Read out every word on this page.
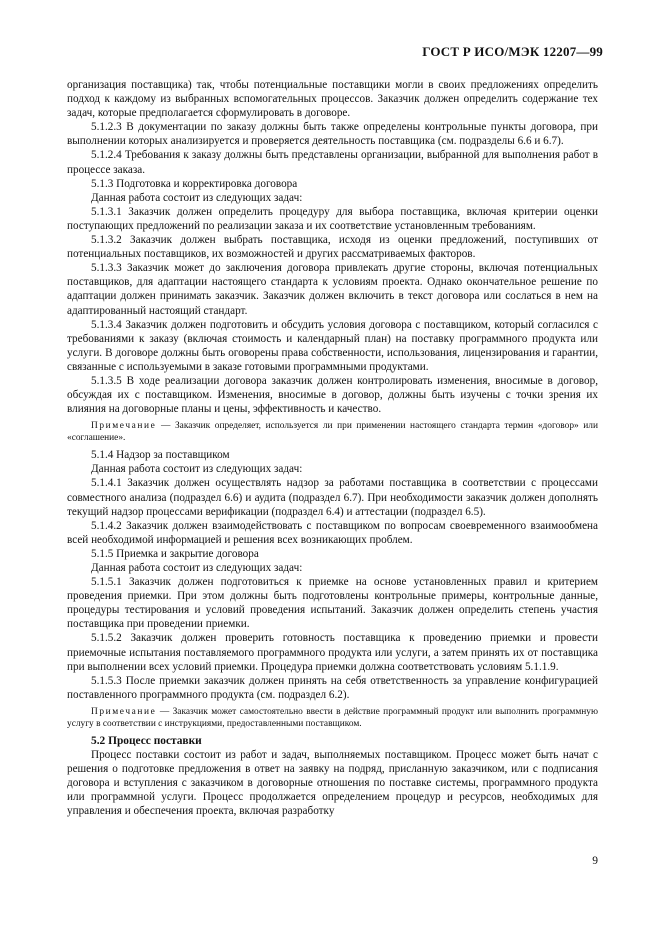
ГОСТ Р ИСО/МЭК 12207—99

организация поставщика) так, чтобы потенциальные поставщики могли в своих предложениях определить подход к каждому из выбранных вспомогательных процессов. Заказчик должен определить содержание тех задач, которые предполагается сформулировать в договоре.

5.1.2.3 В документации по заказу должны быть также определены контрольные пункты договора, при выполнении которых анализируется и проверяется деятельность поставщика (см. подразделы 6.6 и 6.7).

5.1.2.4 Требования к заказу должны быть представлены организации, выбранной для выполнения работ в процессе заказа.

5.1.3 Подготовка и корректировка договора

Данная работа состоит из следующих задач:

5.1.3.1 Заказчик должен определить процедуру для выбора поставщика, включая критерии оценки поступающих предложений по реализации заказа и их соответствие установленным требованиям.

5.1.3.2 Заказчик должен выбрать поставщика, исходя из оценки предложений, поступивших от потенциальных поставщиков, их возможностей и других рассматриваемых факторов.

5.1.3.3 Заказчик может до заключения договора привлекать другие стороны, включая потенциальных поставщиков, для адаптации настоящего стандарта к условиям проекта. Однако окончательное решение по адаптации должен принимать заказчик. Заказчик должен включить в текст договора или сослаться в нем на адаптированный настоящий стандарт.

5.1.3.4 Заказчик должен подготовить и обсудить условия договора с поставщиком, который согласился с требованиями к заказу (включая стоимость и календарный план) на поставку программного продукта или услуги. В договоре должны быть оговорены права собственности, использования, лицензирования и гарантии, связанные с используемыми в заказе готовыми программными продуктами.

5.1.3.5 В ходе реализации договора заказчик должен контролировать изменения, вносимые в договор, обсуждая их с поставщиком. Изменения, вносимые в договор, должны быть изучены с точки зрения их влияния на договорные планы и цены, эффективность и качество.

Примечание — Заказчик определяет, используется ли при применении настоящего стандарта термин «договор» или «соглашение».

5.1.4 Надзор за поставщиком

Данная работа состоит из следующих задач:

5.1.4.1 Заказчик должен осуществлять надзор за работами поставщика в соответствии с процессами совместного анализа (подраздел 6.6) и аудита (подраздел 6.7). При необходимости заказчик должен дополнять текущий надзор процессами верификации (подраздел 6.4) и аттестации (подраздел 6.5).

5.1.4.2 Заказчик должен взаимодействовать с поставщиком по вопросам своевременного взаимообмена всей необходимой информацией и решения всех возникающих проблем.

5.1.5 Приемка и закрытие договора

Данная работа состоит из следующих задач:

5.1.5.1 Заказчик должен подготовиться к приемке на основе установленных правил и критерием проведения приемки. При этом должны быть подготовлены контрольные примеры, контрольные данные, процедуры тестирования и условий проведения испытаний. Заказчик должен определить степень участия поставщика при проведении приемки.

5.1.5.2 Заказчик должен проверить готовность поставщика к проведению приемки и провести приемочные испытания поставляемого программного продукта или услуги, а затем принять их от поставщика при выполнении всех условий приемки. Процедура приемки должна соответствовать условиям 5.1.1.9.

5.1.5.3 После приемки заказчик должен принять на себя ответственность за управление конфигурацией поставленного программного продукта (см. подраздел 6.2).

Примечание — Заказчик может самостоятельно ввести в действие программный продукт или выполнить программную услугу в соответствии с инструкциями, предоставленными поставщиком.

5.2 Процесс поставки

Процесс поставки состоит из работ и задач, выполняемых поставщиком. Процесс может быть начат с решения о подготовке предложения в ответ на заявку на подряд, присланную заказчиком, или с подписания договора и вступления с заказчиком в договорные отношения по поставке системы, программного продукта или программной услуги. Процесс продолжается определением процедур и ресурсов, необходимых для управления и обеспечения проекта, включая разработку

9
